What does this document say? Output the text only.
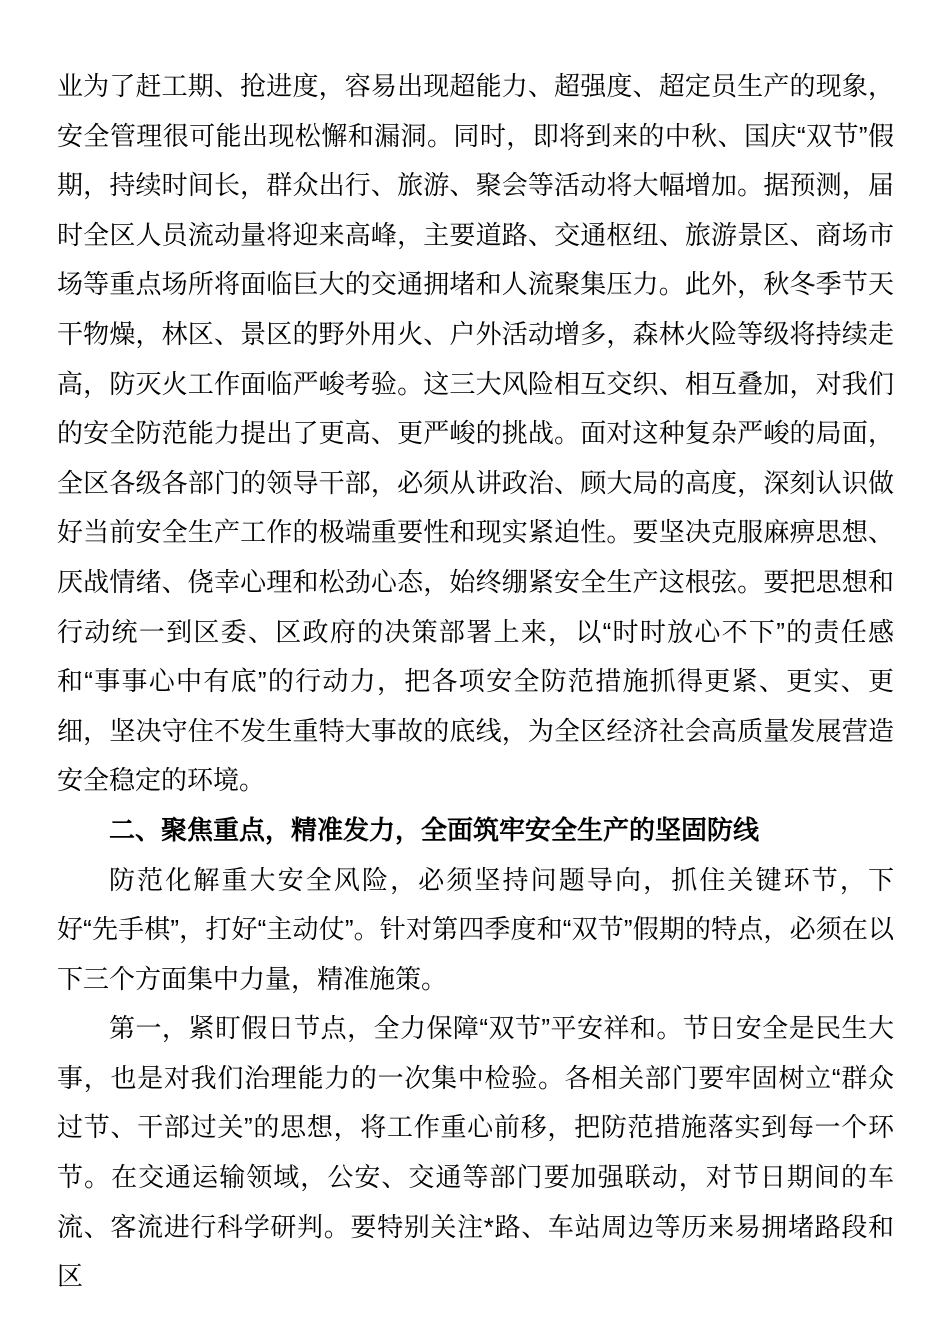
业为了赶工期、抢进度，容易出现超能力、超强度、超定员生产的现象，安全管理很可能出现松懈和漏洞。同时，即将到来的中秋、国庆“双节”假期，持续时间长，群众出行、旅游、聚会等活动将大幅增加。据预测，届时全区人员流动量将迎来高峰，主要道路、交通枢纽、旅游景区、商场市场等重点场所将面临巨大的交通拥堵和人流聚集压力。此外，秋冬季节天干物燥，林区、景区的野外用火、户外活动增多，森林火险等级将持续走高，防灭火工作面临严峻考验。这三大风险相互交织、相互叠加，对我们的安全防范能力提出了更高、更严峻的挑战。面对这种复杂严峻的局面，全区各级各部门的领导干部，必须从讲政治、顾大局的高度，深刻认识做好当前安全生产工作的极端重要性和现实紧迫性。要坚决克服麻痹思想、厌战情绪、侥幸心理和松劲心态，始终绷紧安全生产这根弦。要把思想和行动统一到区委、区政府的决策部署上来，以“时时放心不下”的责任感和“事事心中有底”的行动力，把各项安全防范措施抓得更紧、更实、更细，坚决守住不发生重特大事故的底线，为全区经济社会高质量发展营造安全稳定的环境。

二、聚焦重点，精准发力，全面筑牢安全生产的坚固防线

防范化解重大安全风险，必须坚持问题导向，抓住关键环节，下好“先手棋”，打好“主动仗”。针对第四季度和“双节”假期的特点，必须在以下三个方面集中力量，精准施策。

第一，紧盯假日节点，全力保障“双节”平安祥和。节日安全是民生大事，也是对我们治理能力的一次集中检验。各相关部门要牢固树立“群众过节、干部过关”的思想，将工作重心前移，把防范措施落实到每一个环节。在交通运输领域，公安、交通等部门要加强联动，对节日期间的车流、客流进行科学研判。要特别关注*路、车站周边等历来易拥堵路段和区
